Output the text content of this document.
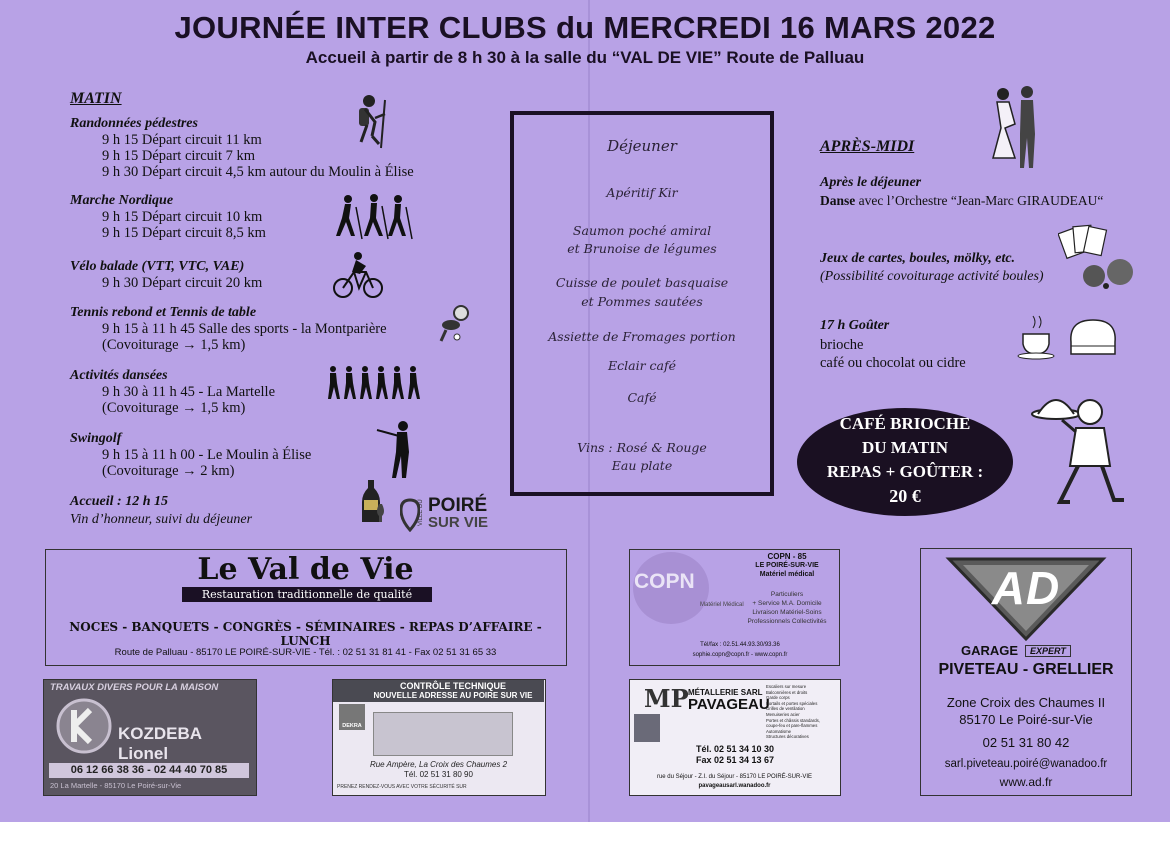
JOURNÉE INTER CLUBS du MERCREDI 16 MARS 2022
Accueil à partir de 8 h 30 à la salle du “VAL DE VIE” Route de Palluau
MATIN
Randonnées pédestres
9 h 15 Départ circuit 11 km
9 h 15 Départ circuit 7 km
9 h 30 Départ circuit 4,5 km autour du Moulin à Élise
Marche Nordique
9 h 15 Départ circuit 10 km
9 h 15 Départ circuit 8,5 km
Vélo balade (VTT, VTC, VAE)
9 h 30 Départ circuit 20 km
Tennis rebond et Tennis de table
9 h 15 à 11 h 45 Salle des sports - la Montparière
(Covoiturage → 1,5 km)
Activités dansées
9 h 30 à 11 h 45 - La Martelle
(Covoiturage → 1,5 km)
Swingolf
9 h 15 à 11 h 00 - Le Moulin à Élise
(Covoiturage → 2 km)
Accueil : 12 h 15
Vin d’honneur, suivi du déjeuner	VILLE DU POIRÉ
SUR VIE
Déjeuner
Apéritif Kir
Saumon poché amiral
et Brunoise de légumes
Cuisse de poulet basquaise
et Pommes sautées
Assiette de Fromages portion
Eclair café
Café
Vins : Rosé & Rouge
Eau plate
APRÈS-MIDI
Après le déjeuner
Danse avec l’Orchestre “Jean-Marc GIRAUDEAU“
Jeux de cartes, boules, mölky, etc.
(Possibilité covoiturage activité boules)
17 h Goûter
brioche
café ou chocolat ou cidre
CAFÉ BRIOCHE
DU MATIN
REPAS + GOÛTER :
20 €
Le Val de Vie
Restauration traditionnelle de qualité
NOCES - BANQUETS - CONGRÈS - SÉMINAIRES - REPAS D’AFFAIRE - LUNCH
Route de Palluau - 85170 LE POIRÉ-SUR-VIE - Tél. : 02 51 31 81 41 - Fax 02 51 31 65 33
COPN
Matériel Médical
COPN - 85
LE POIRÉ-SUR-VIE
Matériel médical
Particuliers
+ Service M.A. Domicile
Livraison Matériel-Soins
Professionnels Collectivités
Tél/fax : 02.51.44.93.30/93.36
sophie.copn@copn.fr - www.copn.fr
AD
GARAGE	EXPERT
PIVETEAU - GRELLIER
Zone Croix des Chaumes II
85170 Le Poiré-sur-Vie
02 51 31 80 42
sarl.piveteau.poiré@wanadoo.fr
www.ad.fr
TRAVAUX DIVERS POUR LA MAISON
KOZDEBA Lionel
06 12 66 38 36 - 02 44 40 70 85
20 La Martelle - 85170 Le Poiré-sur-Vie
CONTRÔLE TECHNIQUE
NOUVELLE ADRESSE AU POIRE SUR VIE
DEKRA
Rue Ampère, La Croix des Chaumes 2
Tél. 02 51 31 80 90
PRENEZ RENDEZ-VOUS AVEC VOTRE SÉCURITÉ SUR
MP MÉTALLERIE SARL
PAVAGEAU
Escaliers sur mesure
Balconnières et droits
Garde corps
Portails et portes spéciales
Grilles de ventilation
Menuiseries acier
Portes et châssis standards,
coupe-feu et pare-flammes
Automatisme
Structures décoratives
Tél. 02 51 34 10 30
Fax 02 51 34 13 67
rue du Séjour - Z.I. du Séjour - 85170 LE POIRÉ-SUR-VIE
pavageausarl.wanadoo.fr
